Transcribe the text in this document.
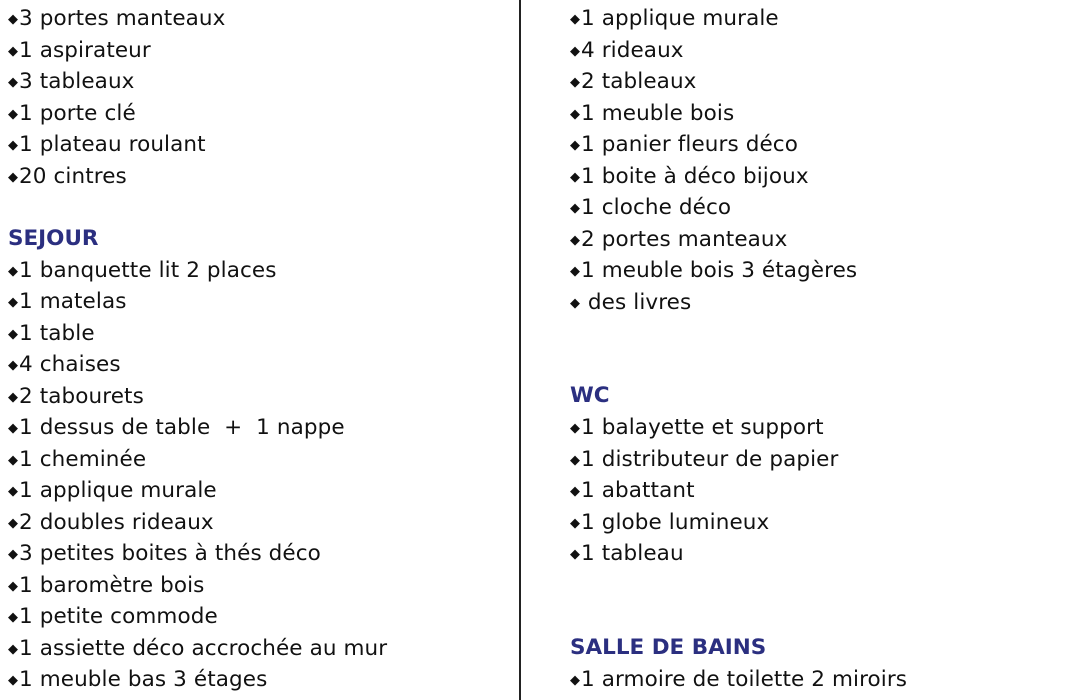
◆3 portes manteaux
◆1 aspirateur
◆3 tableaux
◆1 porte clé
◆1 plateau roulant
◆20 cintres
SEJOUR
◆1 banquette lit 2 places
◆1 matelas
◆1 table
◆4 chaises
◆2 tabourets
◆1 dessus de table  +  1 nappe
◆1 cheminée
◆1 applique murale
◆2 doubles rideaux
◆3 petites boites à thés déco
◆1 baromètre bois
◆1 petite commode
◆1 assiette déco accrochée au mur
◆1 meuble bas 3 étages
◆1 applique murale
◆4 rideaux
◆2 tableaux
◆1 meuble bois
◆1 panier fleurs déco
◆1 boite à déco bijoux
◆1 cloche déco
◆2 portes manteaux
◆1 meuble bois 3 étagères
◆ des livres
WC
◆1 balayette et support
◆1 distributeur de papier
◆1 abattant
◆1 globe lumineux
◆1 tableau
SALLE DE BAINS
◆1 armoire de toilette 2 miroirs
